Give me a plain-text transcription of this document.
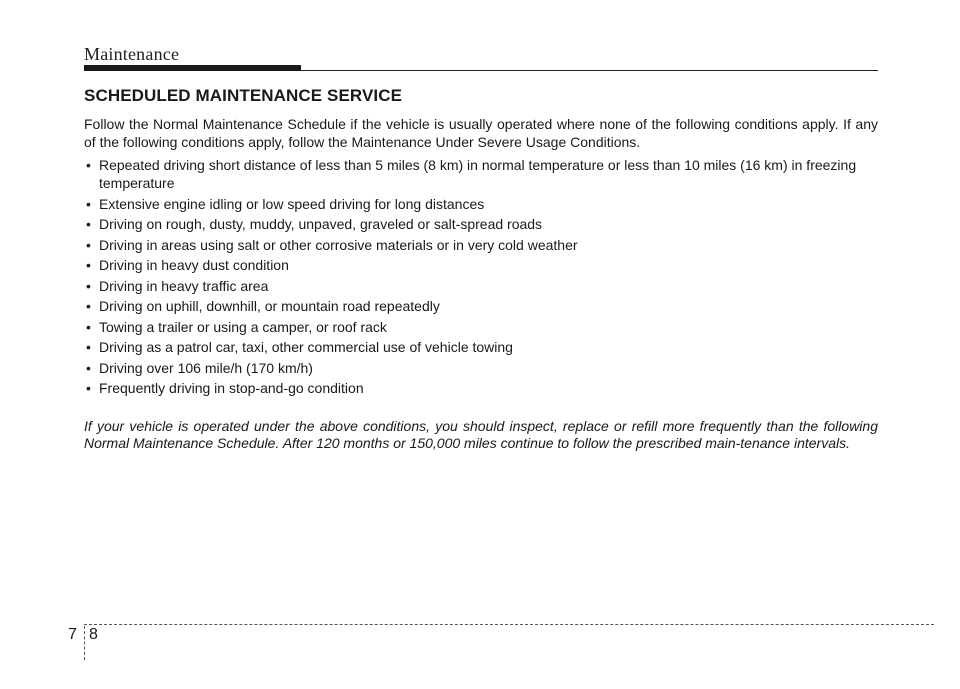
Maintenance
SCHEDULED MAINTENANCE SERVICE

Follow the Normal Maintenance Schedule if the vehicle is usually operated where none of the following conditions apply. If any of the following conditions apply, follow the Maintenance Under Severe Usage Conditions.

• Repeated driving short distance of less than 5 miles (8 km) in normal temperature or less than 10 miles (16 km) in freezing temperature
• Extensive engine idling or low speed driving for long distances
• Driving on rough, dusty, muddy, unpaved, graveled or salt-spread roads
• Driving in areas using salt or other corrosive materials or in very cold weather
• Driving in heavy dust condition
• Driving in heavy traffic area
• Driving on uphill, downhill, or mountain road repeatedly
• Towing a trailer or using a camper, or roof rack
• Driving as a patrol car, taxi, other commercial use of vehicle towing
• Driving over 106 mile/h (170 km/h)
• Frequently driving in stop-and-go condition
If your vehicle is operated under the above conditions, you should inspect, replace or refill more frequently than the following Normal Maintenance Schedule. After 120 months or 150,000 miles continue to follow the prescribed main-tenance intervals.
7 8
